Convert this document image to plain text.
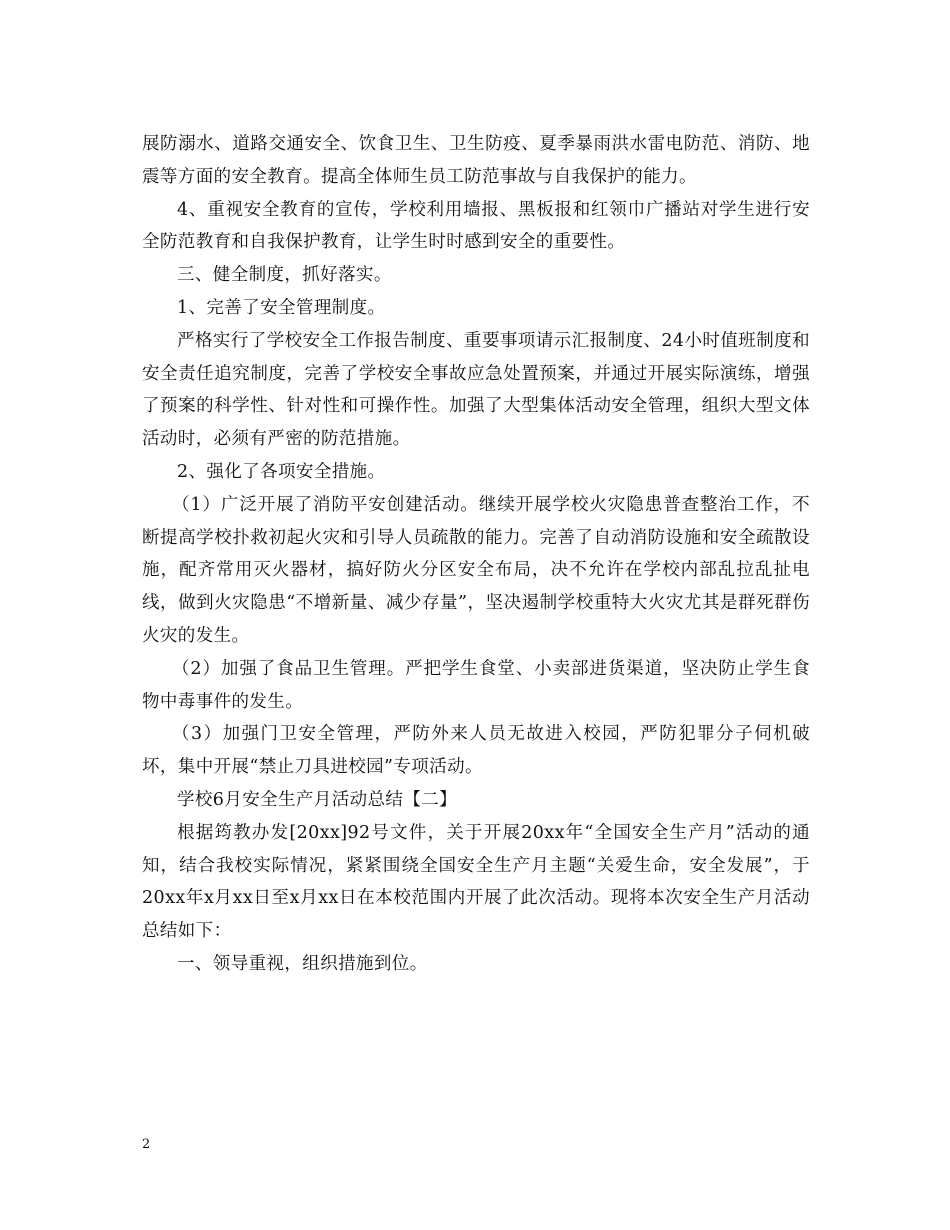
展防溺水、道路交通安全、饮食卫生、卫生防疫、夏季暴雨洪水雷电防范、消防、地震等方面的安全教育。提高全体师生员工防范事故与自我保护的能力。

4、重视安全教育的宣传，学校利用墙报、黑板报和红领巾广播站对学生进行安全防范教育和自我保护教育，让学生时时感到安全的重要性。

三、健全制度，抓好落实。

1、完善了安全管理制度。

严格实行了学校安全工作报告制度、重要事项请示汇报制度、24小时值班制度和安全责任追究制度，完善了学校安全事故应急处置预案，并通过开展实际演练，增强了预案的科学性、针对性和可操作性。加强了大型集体活动安全管理，组织大型文体活动时，必须有严密的防范措施。

2、强化了各项安全措施。

（1）广泛开展了消防平安创建活动。继续开展学校火灾隐患普查整治工作，不断提高学校扑救初起火灾和引导人员疏散的能力。完善了自动消防设施和安全疏散设施，配齐常用灭火器材，搞好防火分区安全布局，决不允许在学校内部乱拉乱扯电线，做到火灾隐患“不增新量、减少存量”，坚决遏制学校重特大火灾尤其是群死群伤火灾的发生。

（2）加强了食品卫生管理。严把学生食堂、小卖部进货渠道，坚决防止学生食物中毒事件的发生。

（3）加强门卫安全管理，严防外来人员无故进入校园，严防犯罪分子伺机破坏，集中开展“禁止刀具进校园”专项活动。

学校6月安全生产月活动总结【二】

根据筠教办发[20xx]92号文件，关于开展20xx年“全国安全生产月”活动的通知，结合我校实际情况，紧紧围绕全国安全生产月主题“关爱生命，安全发展”，于20xx年x月xx日至x月xx日在本校范围内开展了此次活动。现将本次安全生产月活动总结如下：

一、领导重视，组织措施到位。

2
